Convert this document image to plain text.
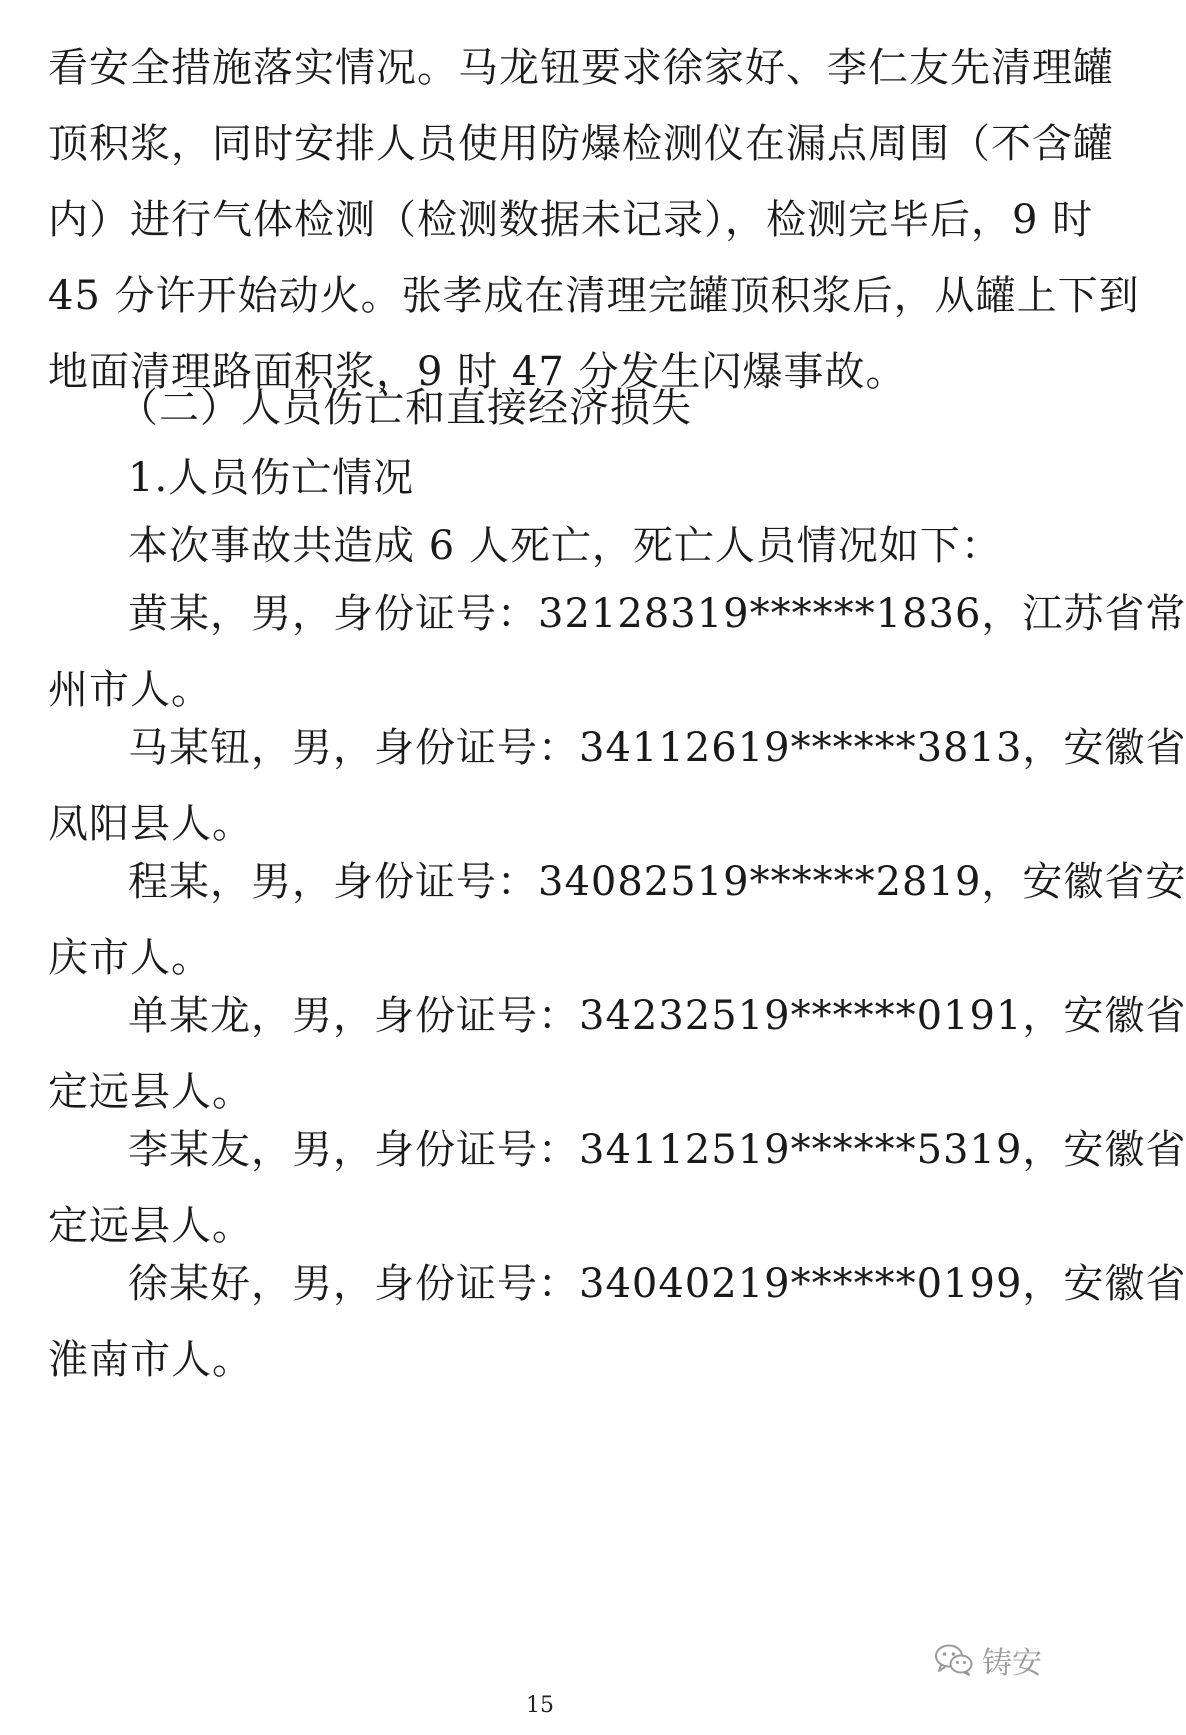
看安全措施落实情况。马龙钮要求徐家好、李仁友先清理罐
顶积浆，同时安排人员使用防爆检测仪在漏点周围（不含罐
内）进行气体检测（检测数据未记录），检测完毕后，9 时
45 分许开始动火。张孝成在清理完罐顶积浆后，从罐上下到
地面清理路面积浆，9 时 47 分发生闪爆事故。
（二）人员伤亡和直接经济损失
1.人员伤亡情况
本次事故共造成 6 人死亡，死亡人员情况如下：
黄某，男，身份证号：32128319******1836，江苏省常
州市人。
马某钮，男，身份证号：34112619******3813，安徽省
凤阳县人。
程某，男，身份证号：34082519******2819，安徽省安
庆市人。
单某龙，男，身份证号：34232519******0191，安徽省
定远县人。
李某友，男，身份证号：34112519******5319，安徽省
定远县人。
徐某好，男，身份证号：34040219******0199，安徽省
淮南市人。
铸安
15
